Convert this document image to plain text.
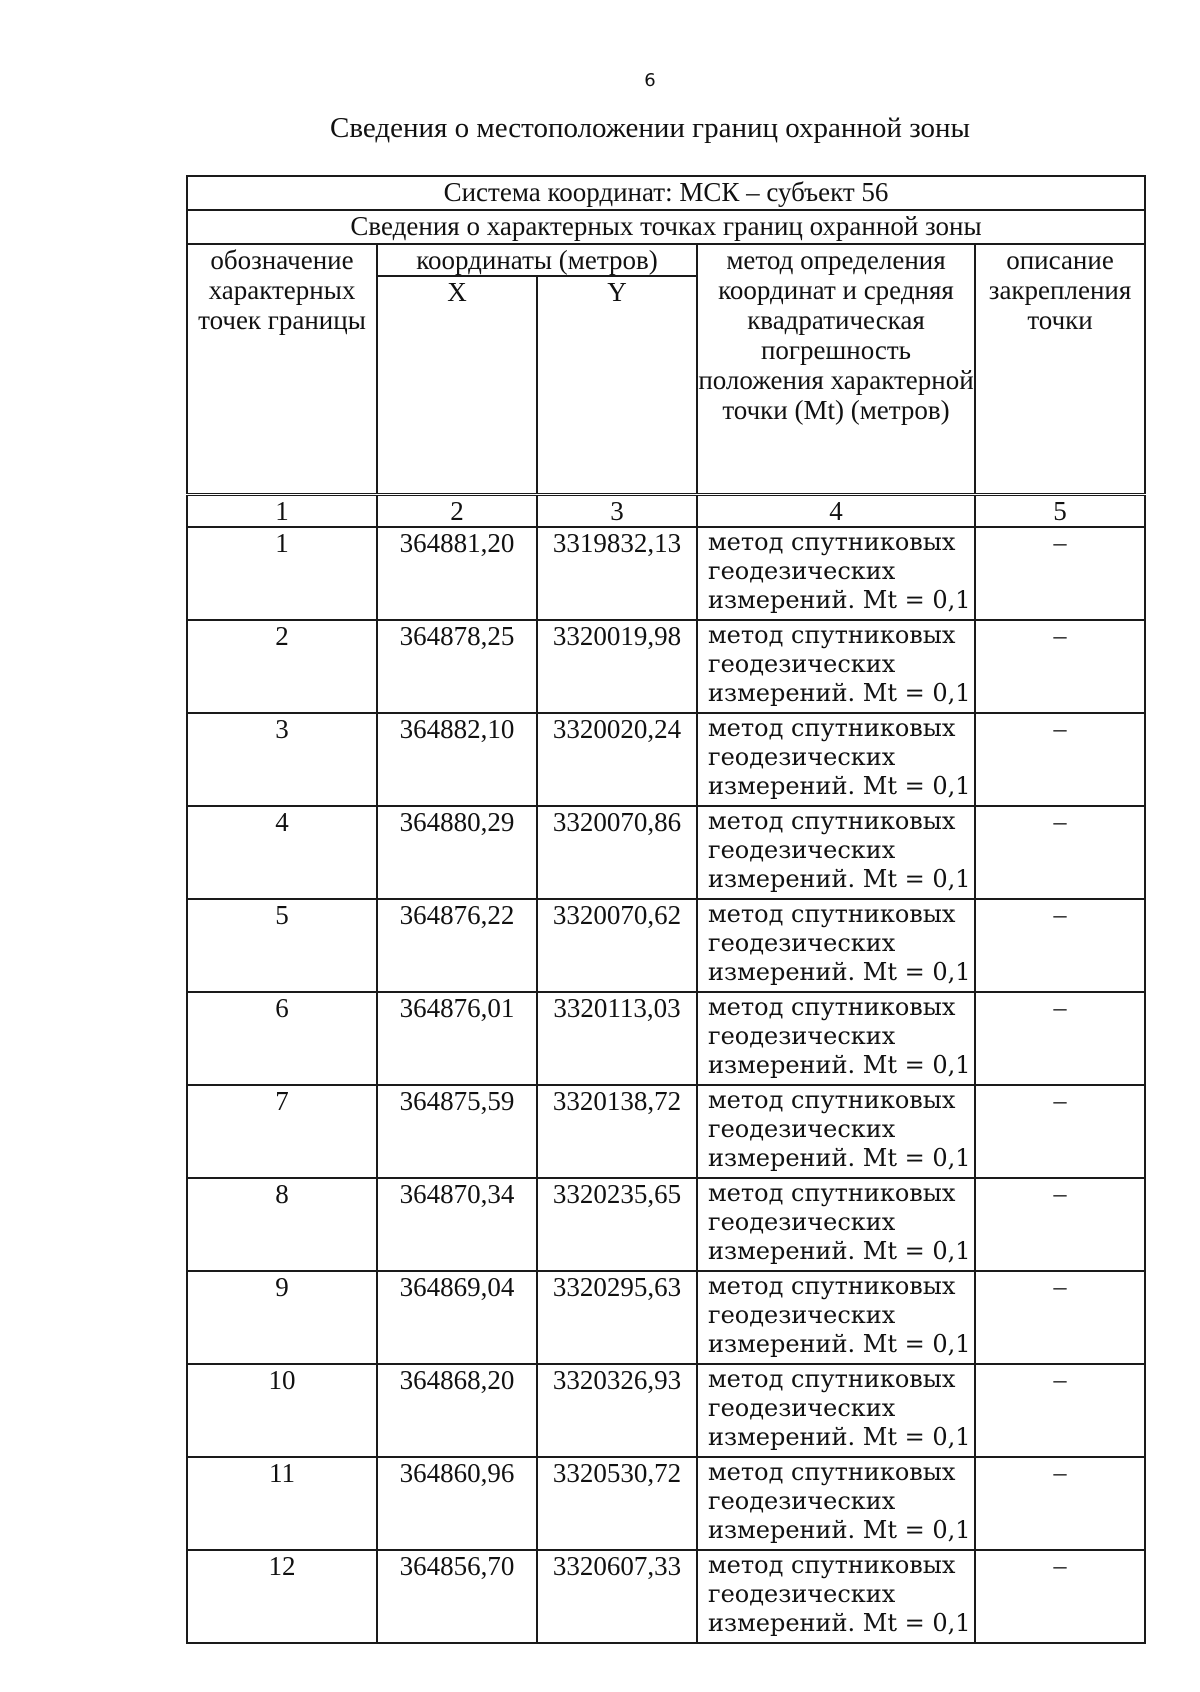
6
Сведения о местоположении границ охранной зоны
Система координат: МСК – субъект 56				
Сведения о характерных точках границ охранной зоны				
обозначение характерных точек границы	координаты (метров)		метод определения координат и средняя квадратическая погрешность положения характерной точки (Mt) (метров)	описание закрепления точки
	X	Y		
1	2	3	4	5
1	364881,20	3319832,13	метод спутниковых
геодезических
измерений. Mt = 0,1	–
2	364878,25	3320019,98	метод спутниковых
геодезических
измерений. Mt = 0,1	–
3	364882,10	3320020,24	метод спутниковых
геодезических
измерений. Mt = 0,1	–
4	364880,29	3320070,86	метод спутниковых
геодезических
измерений. Mt = 0,1	–
5	364876,22	3320070,62	метод спутниковых
геодезических
измерений. Mt = 0,1	–
6	364876,01	3320113,03	метод спутниковых
геодезических
измерений. Mt = 0,1	–
7	364875,59	3320138,72	метод спутниковых
геодезических
измерений. Mt = 0,1	–
8	364870,34	3320235,65	метод спутниковых
геодезических
измерений. Mt = 0,1	–
9	364869,04	3320295,63	метод спутниковых
геодезических
измерений. Mt = 0,1	–
10	364868,20	3320326,93	метод спутниковых
геодезических
измерений. Mt = 0,1	–
11	364860,96	3320530,72	метод спутниковых
геодезических
измерений. Mt = 0,1	–
12	364856,70	3320607,33	метод спутниковых
геодезических
измерений. Mt = 0,1	–
